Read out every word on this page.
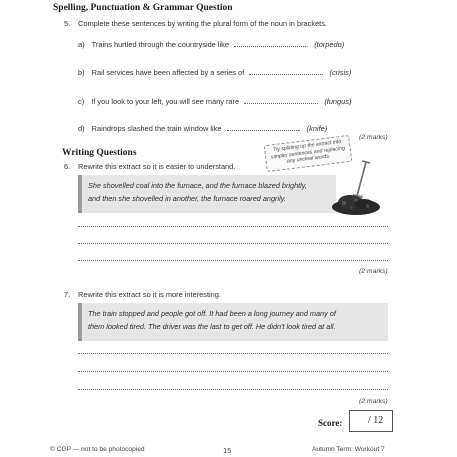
Spelling, Punctuation & Grammar Question
5. Complete these sentences by writing the plural form of the noun in brackets.
a) Trains hurtled through the countryside like	. (torpedo)
b) Rail services have been affected by a series of	. (crisis)
c) If you look to your left, you will see many rare	. (fungus)
d) Raindrops slashed the train window like	. (knife)
(2 marks)
Writing Questions	Try splitting up the extract into simpler sentences and replacing any unclear words.
6. Rewrite this extract so it is easier to understand.
She shovelled coal into the furnace, and the furnace blazed brightly,
and then she shovelled in another, the furnace roared angrily.
(2 marks)
7. Rewrite this extract so it is more interesting.
The train stopped and people got off. It had been a long journey and many of
them looked tired. The driver was the last to get off. He didn't look tired at all.
(2 marks)
Score:	/ 12
© CGP — not to be photocopied	15	Autumn Term: Workout 7
